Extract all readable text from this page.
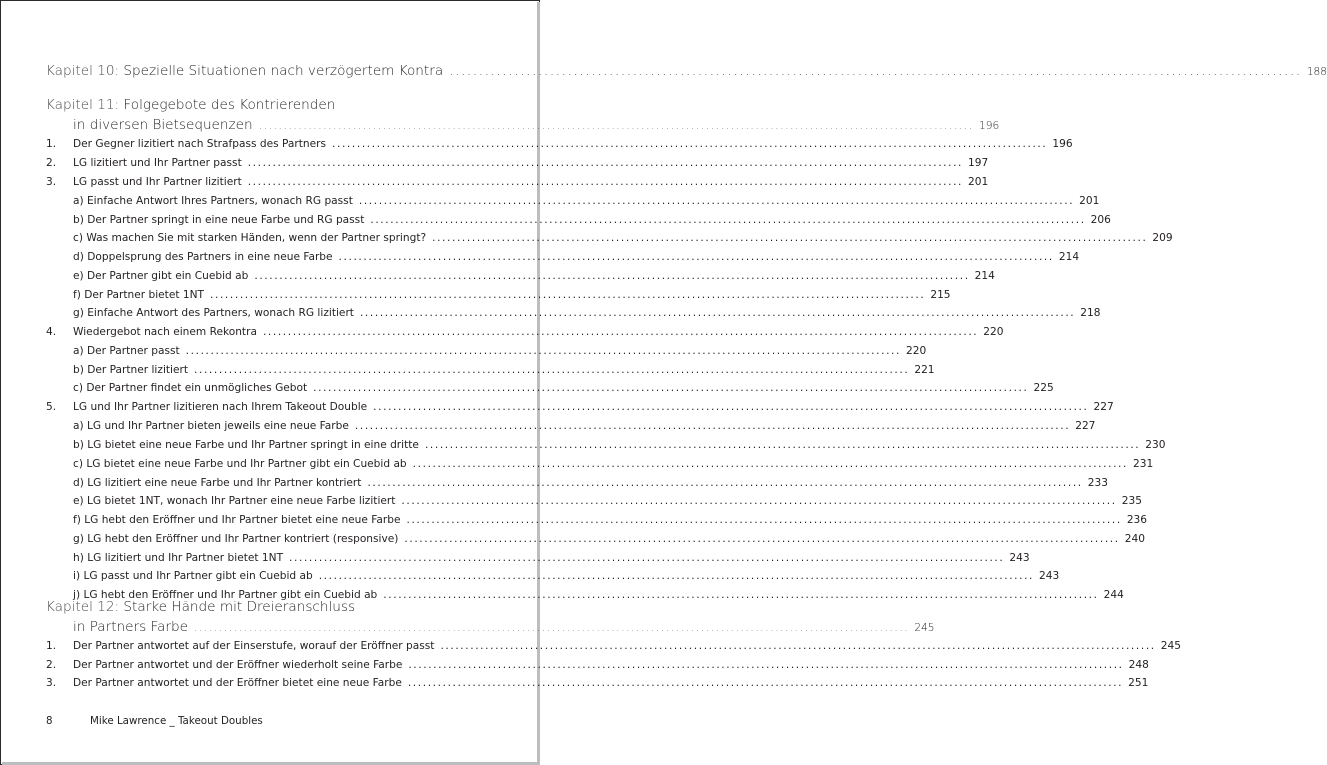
Kapitel 10: Spezielle Situationen nach verzögertem Kontra ................................................................................................................................................ 188
Kapitel 11: Folgegebote des Kontrierenden
in diversen Bietsequenzen ................................................................................................................................................ 196
1.	Der Gegner lizitiert nach Strafpass des Partners ................................................................................................................................................ 196
2.	LG lizitiert und Ihr Partner passt ................................................................................................................................................ 197
3.	LG passt und Ihr Partner lizitiert ................................................................................................................................................ 201
a) Einfache Antwort Ihres Partners, wonach RG passt ................................................................................................................................................ 201
b) Der Partner springt in eine neue Farbe und RG passt ................................................................................................................................................ 206
c) Was machen Sie mit starken Händen, wenn der Partner springt? ................................................................................................................................................ 209
d) Doppelsprung des Partners in eine neue Farbe ................................................................................................................................................ 214
e) Der Partner gibt ein Cuebid ab ................................................................................................................................................ 214
f) Der Partner bietet 1NT ................................................................................................................................................ 215
g) Einfache Antwort des Partners, wonach RG lizitiert ................................................................................................................................................ 218
4.	Wiedergebot nach einem Rekontra ................................................................................................................................................ 220
a) Der Partner passt ................................................................................................................................................ 220
b) Der Partner lizitiert ................................................................................................................................................ 221
c) Der Partner findet ein unmögliches Gebot ................................................................................................................................................ 225
5.	LG und Ihr Partner lizitieren nach Ihrem Takeout Double ................................................................................................................................................ 227
a) LG und Ihr Partner bieten jeweils eine neue Farbe ................................................................................................................................................ 227
b) LG bietet eine neue Farbe und Ihr Partner springt in eine dritte ................................................................................................................................................ 230
c) LG bietet eine neue Farbe und Ihr Partner gibt ein Cuebid ab ................................................................................................................................................ 231
d) LG lizitiert eine neue Farbe und Ihr Partner kontriert ................................................................................................................................................ 233
e) LG bietet 1NT, wonach Ihr Partner eine neue Farbe lizitiert ................................................................................................................................................ 235
f) LG hebt den Eröffner und Ihr Partner bietet eine neue Farbe ................................................................................................................................................ 236
g) LG hebt den Eröffner und Ihr Partner kontriert (responsive) ................................................................................................................................................ 240
h) LG lizitiert und Ihr Partner bietet 1NT ................................................................................................................................................ 243
i) LG passt und Ihr Partner gibt ein Cuebid ab ................................................................................................................................................ 243
j) LG hebt den Eröffner und Ihr Partner gibt ein Cuebid ab ................................................................................................................................................ 244
Kapitel 12: Starke Hände mit Dreieranschluss
in Partners Farbe ................................................................................................................................................ 245
1.	Der Partner antwortet auf der Einserstufe, worauf der Eröffner passt ................................................................................................................................................ 245
2.	Der Partner antwortet und der Eröffner wiederholt seine Farbe ................................................................................................................................................ 248
3.	Der Partner antwortet und der Eröffner bietet eine neue Farbe ................................................................................................................................................ 251
8	Mike Lawrence _ Takeout Doubles
